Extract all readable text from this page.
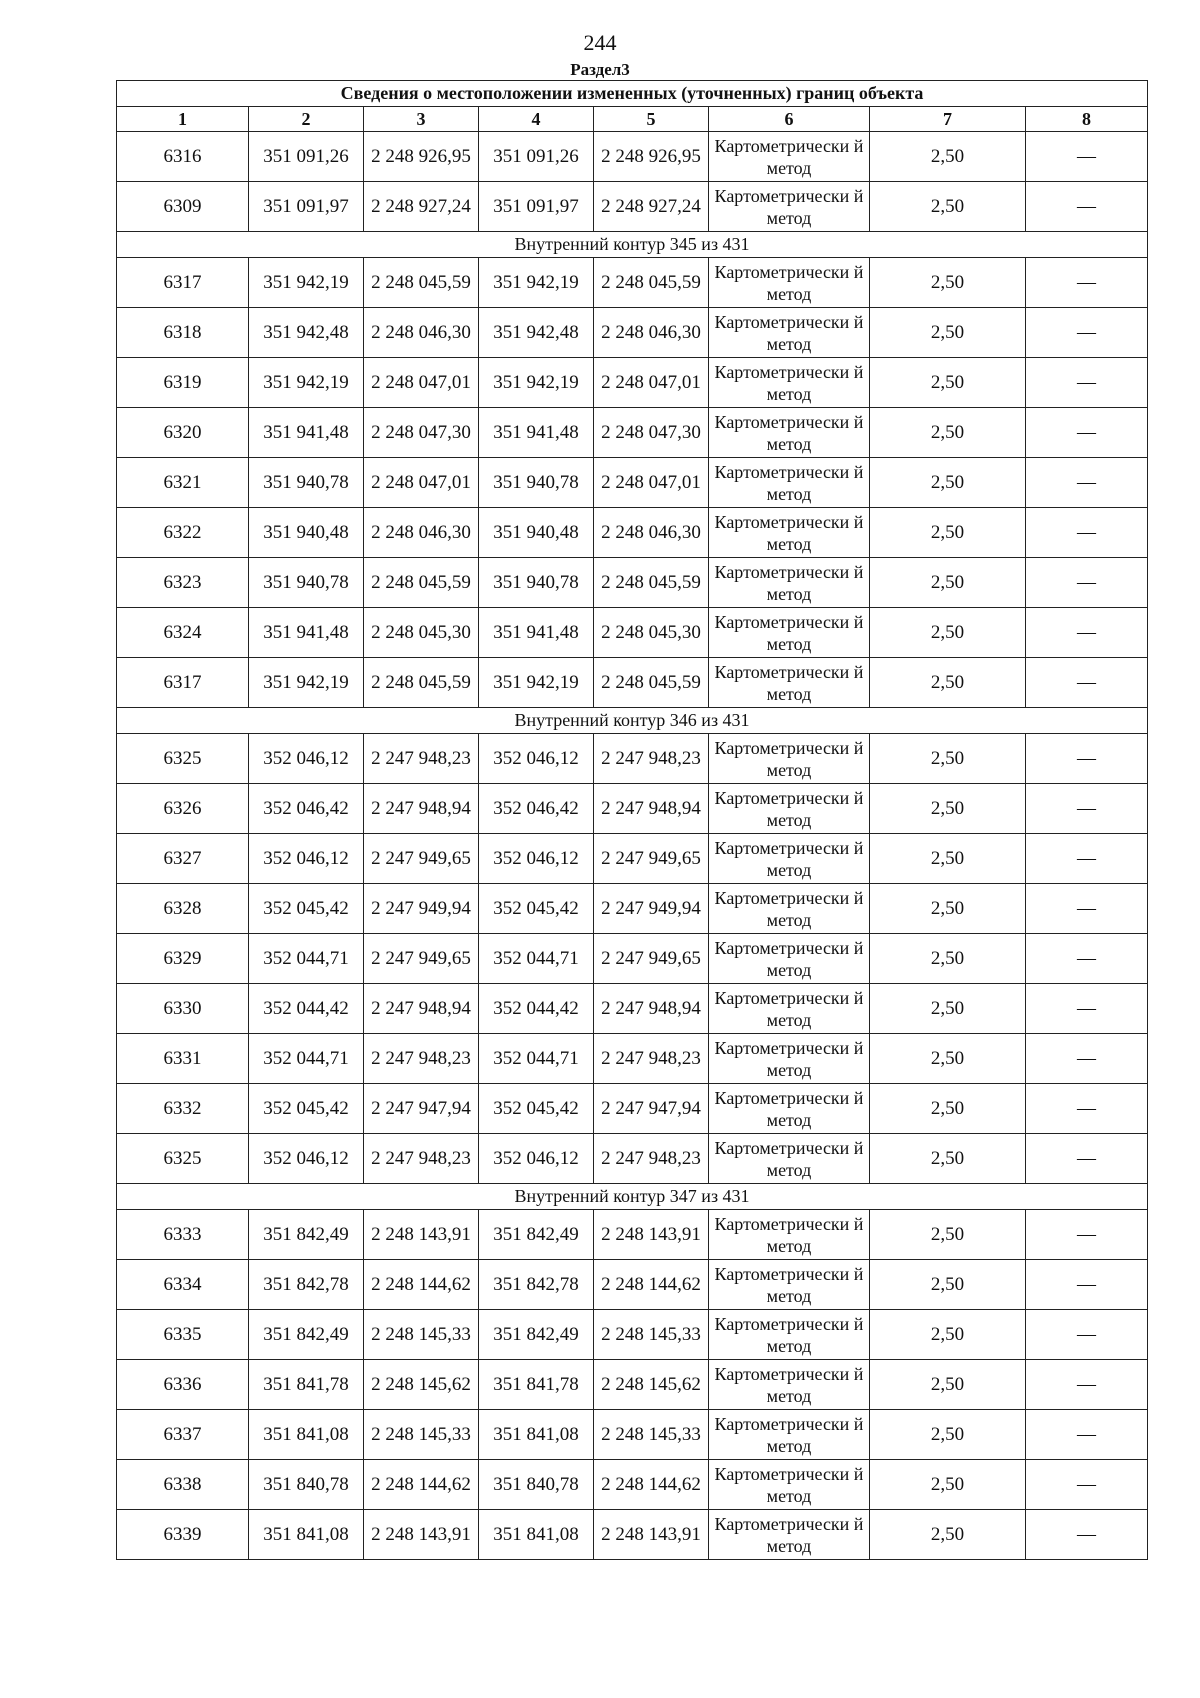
244
Раздел3
Сведения о местоположении измененных (уточненных) границ объекта							
1	2	3	4	5	6	7	8
6316	351 091,26	2 248 926,95	351 091,26	2 248 926,95	Картометрически й метод	2,50	—
6309	351 091,97	2 248 927,24	351 091,97	2 248 927,24	Картометрически й метод	2,50	—
Внутренний контур 345 из 431							
6317	351 942,19	2 248 045,59	351 942,19	2 248 045,59	Картометрически й метод	2,50	—
6318	351 942,48	2 248 046,30	351 942,48	2 248 046,30	Картометрически й метод	2,50	—
6319	351 942,19	2 248 047,01	351 942,19	2 248 047,01	Картометрически й метод	2,50	—
6320	351 941,48	2 248 047,30	351 941,48	2 248 047,30	Картометрически й метод	2,50	—
6321	351 940,78	2 248 047,01	351 940,78	2 248 047,01	Картометрически й метод	2,50	—
6322	351 940,48	2 248 046,30	351 940,48	2 248 046,30	Картометрически й метод	2,50	—
6323	351 940,78	2 248 045,59	351 940,78	2 248 045,59	Картометрически й метод	2,50	—
6324	351 941,48	2 248 045,30	351 941,48	2 248 045,30	Картометрически й метод	2,50	—
6317	351 942,19	2 248 045,59	351 942,19	2 248 045,59	Картометрически й метод	2,50	—
Внутренний контур 346 из 431							
6325	352 046,12	2 247 948,23	352 046,12	2 247 948,23	Картометрически й метод	2,50	—
6326	352 046,42	2 247 948,94	352 046,42	2 247 948,94	Картометрически й метод	2,50	—
6327	352 046,12	2 247 949,65	352 046,12	2 247 949,65	Картометрически й метод	2,50	—
6328	352 045,42	2 247 949,94	352 045,42	2 247 949,94	Картометрически й метод	2,50	—
6329	352 044,71	2 247 949,65	352 044,71	2 247 949,65	Картометрически й метод	2,50	—
6330	352 044,42	2 247 948,94	352 044,42	2 247 948,94	Картометрически й метод	2,50	—
6331	352 044,71	2 247 948,23	352 044,71	2 247 948,23	Картометрически й метод	2,50	—
6332	352 045,42	2 247 947,94	352 045,42	2 247 947,94	Картометрически й метод	2,50	—
6325	352 046,12	2 247 948,23	352 046,12	2 247 948,23	Картометрически й метод	2,50	—
Внутренний контур 347 из 431							
6333	351 842,49	2 248 143,91	351 842,49	2 248 143,91	Картометрически й метод	2,50	—
6334	351 842,78	2 248 144,62	351 842,78	2 248 144,62	Картометрически й метод	2,50	—
6335	351 842,49	2 248 145,33	351 842,49	2 248 145,33	Картометрически й метод	2,50	—
6336	351 841,78	2 248 145,62	351 841,78	2 248 145,62	Картометрически й метод	2,50	—
6337	351 841,08	2 248 145,33	351 841,08	2 248 145,33	Картометрически й метод	2,50	—
6338	351 840,78	2 248 144,62	351 840,78	2 248 144,62	Картометрически й метод	2,50	—
6339	351 841,08	2 248 143,91	351 841,08	2 248 143,91	Картометрически й метод	2,50	—
